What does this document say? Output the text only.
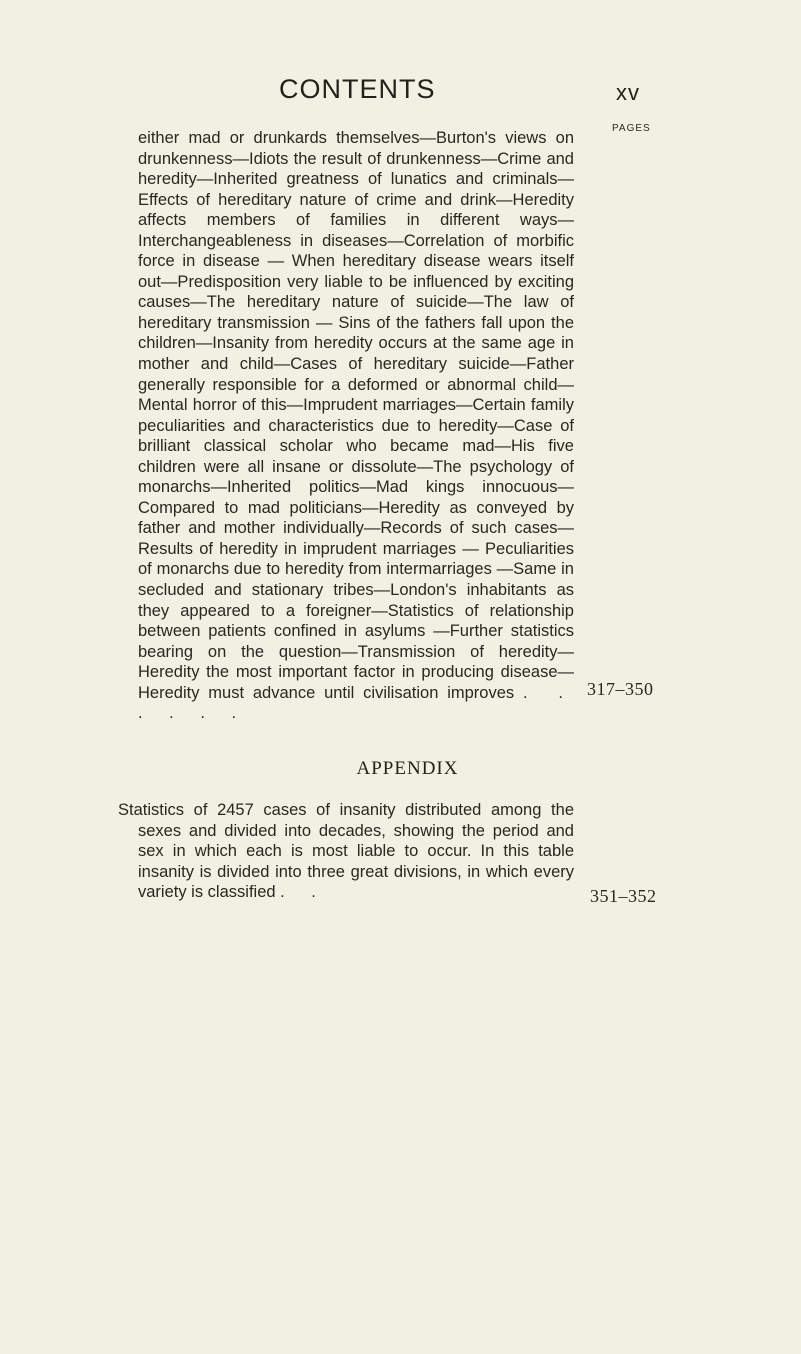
CONTENTS	xv
PAGES
either mad or drunkards themselves—Burton's views on drunkenness—Idiots the result of drunkenness—Crime and heredity—Inherited greatness of lunatics and criminals—Effects of hereditary nature of crime and drink—Heredity affects members of families in different ways—Interchangeableness in diseases—Correlation of morbific force in disease — When hereditary disease wears itself out—Predisposition very liable to be influenced by exciting causes—The hereditary nature of suicide—The law of hereditary transmission — Sins of the fathers fall upon the children—Insanity from heredity occurs at the same age in mother and child—Cases of hereditary suicide—Father generally responsible for a deformed or abnormal child—Mental horror of this—Imprudent marriages—Certain family peculiarities and characteristics due to heredity—Case of brilliant classical scholar who became mad—His five children were all insane or dissolute—The psychology of monarchs—Inherited politics—Mad kings innocuous—Compared to mad politicians—Heredity as conveyed by father and mother individually—Records of such cases—Results of heredity in imprudent marriages — Peculiarities of monarchs due to heredity from intermarriages —Same in secluded and stationary tribes—London's inhabitants as they appeared to a foreigner—Statistics of relationship between patients confined in asylums —Further statistics bearing on the question—Transmission of heredity—Heredity the most important factor in producing disease—Heredity must advance until civilisation improves . . . . . .
317–350
APPENDIX
Statistics of 2457 cases of insanity distributed among the sexes and divided into decades, showing the period and sex in which each is most liable to occur. In this table insanity is divided into three great divisions, in which every variety is classified . .	351–352
